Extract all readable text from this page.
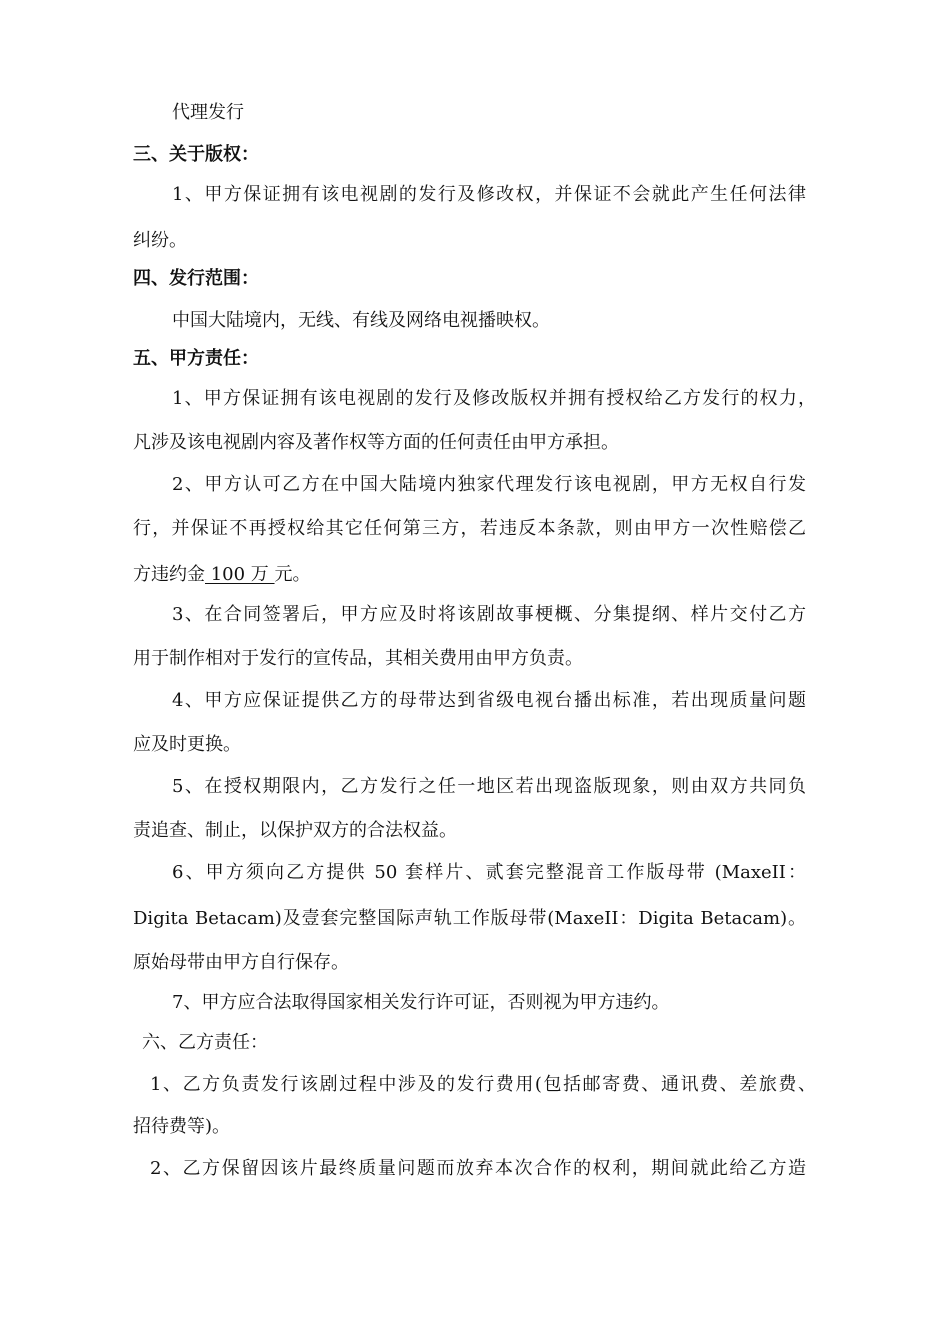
代理发行

三、关于版权：

1、甲方保证拥有该电视剧的发行及修改权，并保证不会就此产生任何法律

纠纷。

四、发行范围：

中国大陆境内，无线、有线及网络电视播映权。

五、甲方责任：

1、甲方保证拥有该电视剧的发行及修改版权并拥有授权给乙方发行的权力，

凡涉及该电视剧内容及著作权等方面的任何责任由甲方承担。

2、甲方认可乙方在中国大陆境内独家代理发行该电视剧，甲方无权自行发

行，并保证不再授权给其它任何第三方，若违反本条款，则由甲方一次性赔偿乙

方违约金 100 万 元。

3、在合同签署后，甲方应及时将该剧故事梗概、分集提纲、样片交付乙方

用于制作相对于发行的宣传品，其相关费用由甲方负责。

4、甲方应保证提供乙方的母带达到省级电视台播出标准，若出现质量问题

应及时更换。

5、在授权期限内，乙方发行之任一地区若出现盗版现象，则由双方共同负

责追查、制止，以保护双方的合法权益。

6、甲方须向乙方提供 50 套样片、贰套完整混音工作版母带 (MaxeII：

Digita Betacam)及壹套完整国际声轨工作版母带(MaxeII：Digita Betacam)。

原始母带由甲方自行保存。

7、甲方应合法取得国家相关发行许可证，否则视为甲方违约。

六、乙方责任：

1、乙方负责发行该剧过程中涉及的发行费用(包括邮寄费、通讯费、差旅费、

招待费等)。

2、乙方保留因该片最终质量问题而放弃本次合作的权利，期间就此给乙方造
